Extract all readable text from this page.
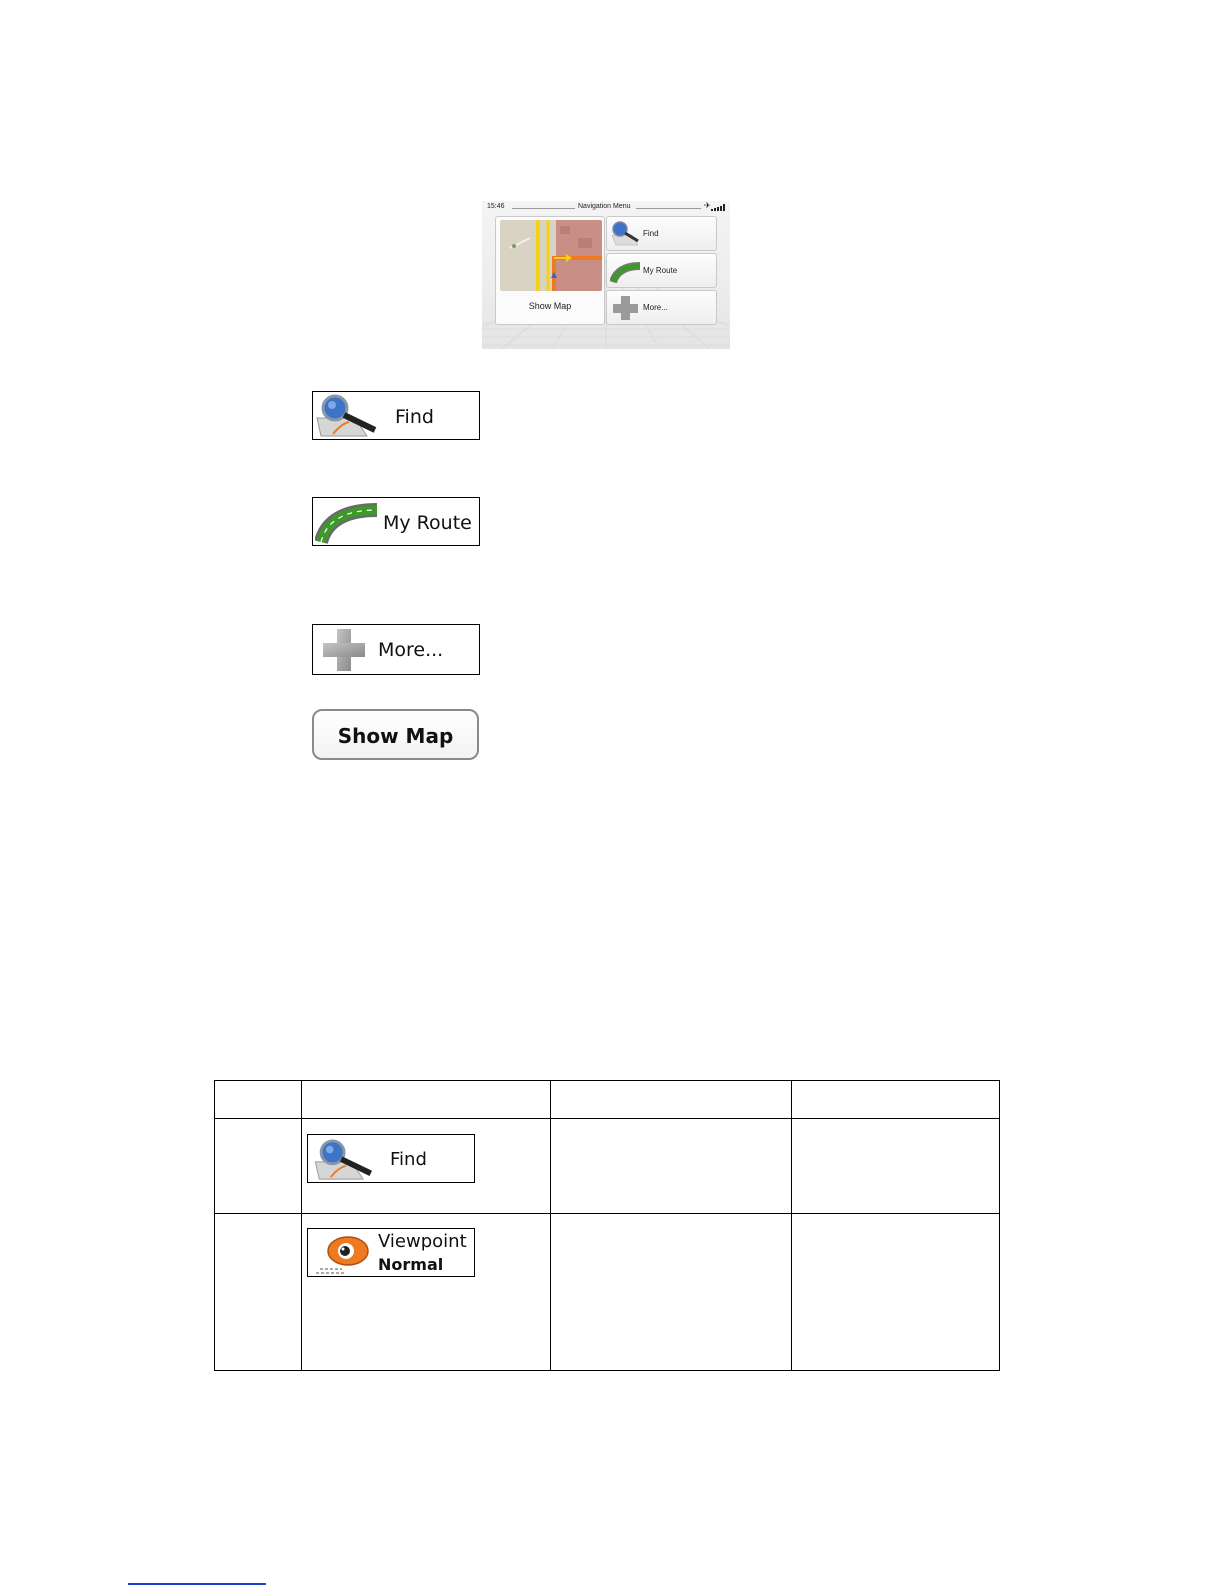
15:46	Navigation Menu	✈
Show Map
Find
My Route
More...
Find
My Route
More...
Show Map

	Find		

	Viewpoint
Normal		
